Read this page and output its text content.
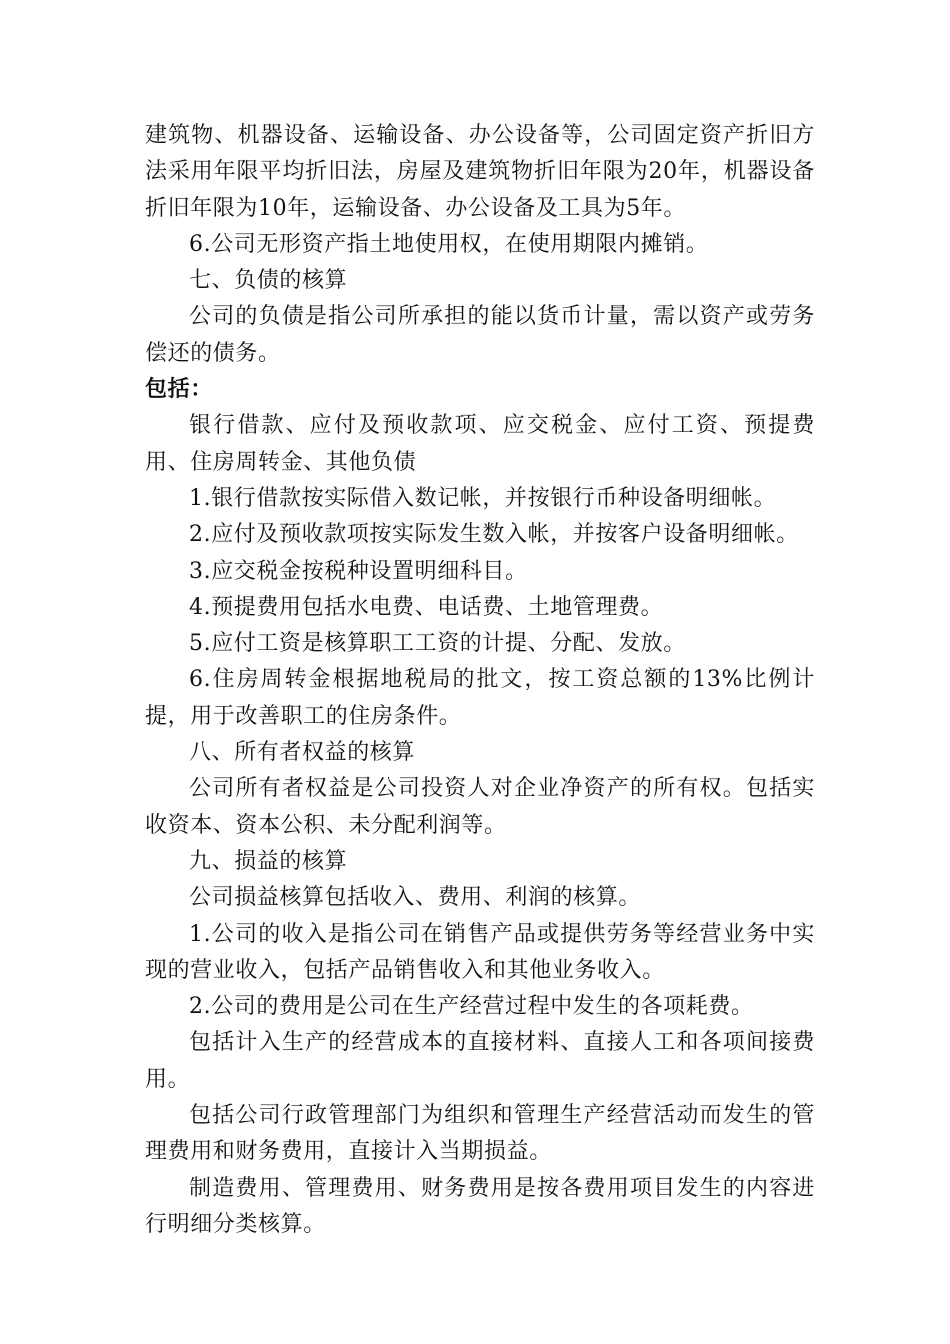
建筑物、机器设备、运输设备、办公设备等，公司固定资产折旧方法采用年限平均折旧法，房屋及建筑物折旧年限为20年，机器设备折旧年限为10年，运输设备、办公设备及工具为5年。

6.公司无形资产指土地使用权，在使用期限内摊销。

七、负债的核算

公司的负债是指公司所承担的能以货币计量，需以资产或劳务偿还的债务。

包括：

银行借款、应付及预收款项、应交税金、应付工资、预提费用、住房周转金、其他负债

1.银行借款按实际借入数记帐，并按银行币种设备明细帐。

2.应付及预收款项按实际发生数入帐，并按客户设备明细帐。

3.应交税金按税种设置明细科目。

4.预提费用包括水电费、电话费、土地管理费。

5.应付工资是核算职工工资的计提、分配、发放。

6.住房周转金根据地税局的批文，按工资总额的13%比例计提，用于改善职工的住房条件。

八、所有者权益的核算

公司所有者权益是公司投资人对企业净资产的所有权。包括实收资本、资本公积、未分配利润等。

九、损益的核算

公司损益核算包括收入、费用、利润的核算。

1.公司的收入是指公司在销售产品或提供劳务等经营业务中实现的营业收入，包括产品销售收入和其他业务收入。

2.公司的费用是公司在生产经营过程中发生的各项耗费。

包括计入生产的经营成本的直接材料、直接人工和各项间接费用。

包括公司行政管理部门为组织和管理生产经营活动而发生的管理费用和财务费用，直接计入当期损益。

制造费用、管理费用、财务费用是按各费用项目发生的内容进行明细分类核算。
